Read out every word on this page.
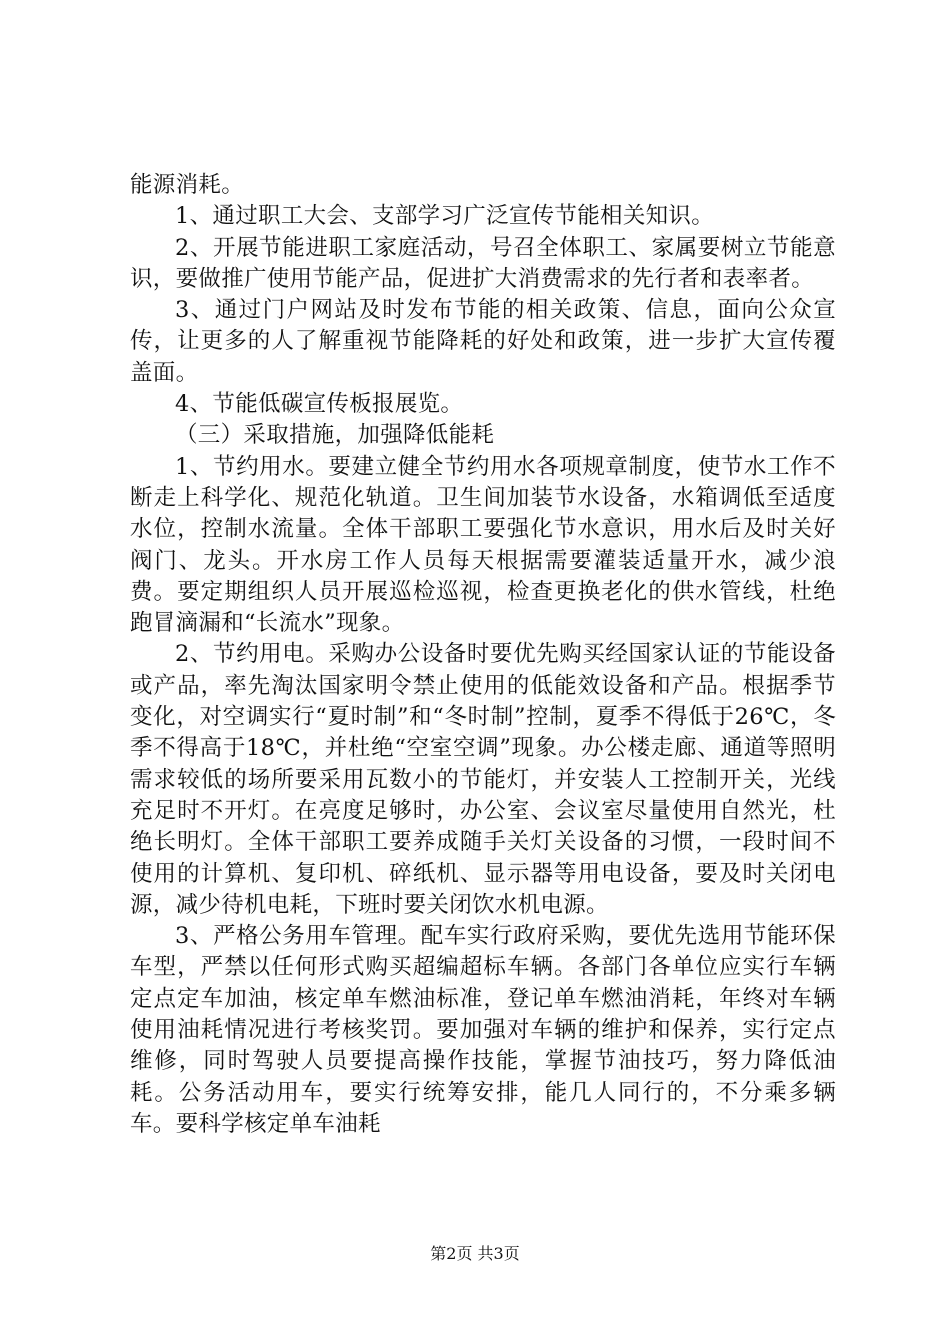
能源消耗。

1、通过职工大会、支部学习广泛宣传节能相关知识。

2、开展节能进职工家庭活动，号召全体职工、家属要树立节能意识，要做推广使用节能产品，促进扩大消费需求的先行者和表率者。

3、通过门户网站及时发布节能的相关政策、信息，面向公众宣传，让更多的人了解重视节能降耗的好处和政策，进一步扩大宣传覆盖面。

4、节能低碳宣传板报展览。

（三）采取措施，加强降低能耗

1、节约用水。要建立健全节约用水各项规章制度，使节水工作不断走上科学化、规范化轨道。卫生间加装节水设备，水箱调低至适度水位，控制水流量。全体干部职工要强化节水意识，用水后及时关好阀门、龙头。开水房工作人员每天根据需要灌装适量开水，减少浪费。要定期组织人员开展巡检巡视，检查更换老化的供水管线，杜绝跑冒滴漏和“长流水”现象。

2、节约用电。采购办公设备时要优先购买经国家认证的节能设备或产品，率先淘汰国家明令禁止使用的低能效设备和产品。根据季节变化，对空调实行“夏时制”和“冬时制”控制，夏季不得低于26℃，冬季不得高于18℃，并杜绝“空室空调”现象。办公楼走廊、通道等照明需求较低的场所要采用瓦数小的节能灯，并安装人工控制开关，光线充足时不开灯。在亮度足够时，办公室、会议室尽量使用自然光，杜绝长明灯。全体干部职工要养成随手关灯关设备的习惯，一段时间不使用的计算机、复印机、碎纸机、显示器等用电设备，要及时关闭电源，减少待机电耗，下班时要关闭饮水机电源。

3、严格公务用车管理。配车实行政府采购，要优先选用节能环保车型，严禁以任何形式购买超编超标车辆。各部门各单位应实行车辆定点定车加油，核定单车燃油标准，登记单车燃油消耗，年终对车辆使用油耗情况进行考核奖罚。要加强对车辆的维护和保养，实行定点维修，同时驾驶人员要提高操作技能，掌握节油技巧，努力降低油耗。公务活动用车，要实行统筹安排，能几人同行的，不分乘多辆车。要科学核定单车油耗

第2页 共3页
